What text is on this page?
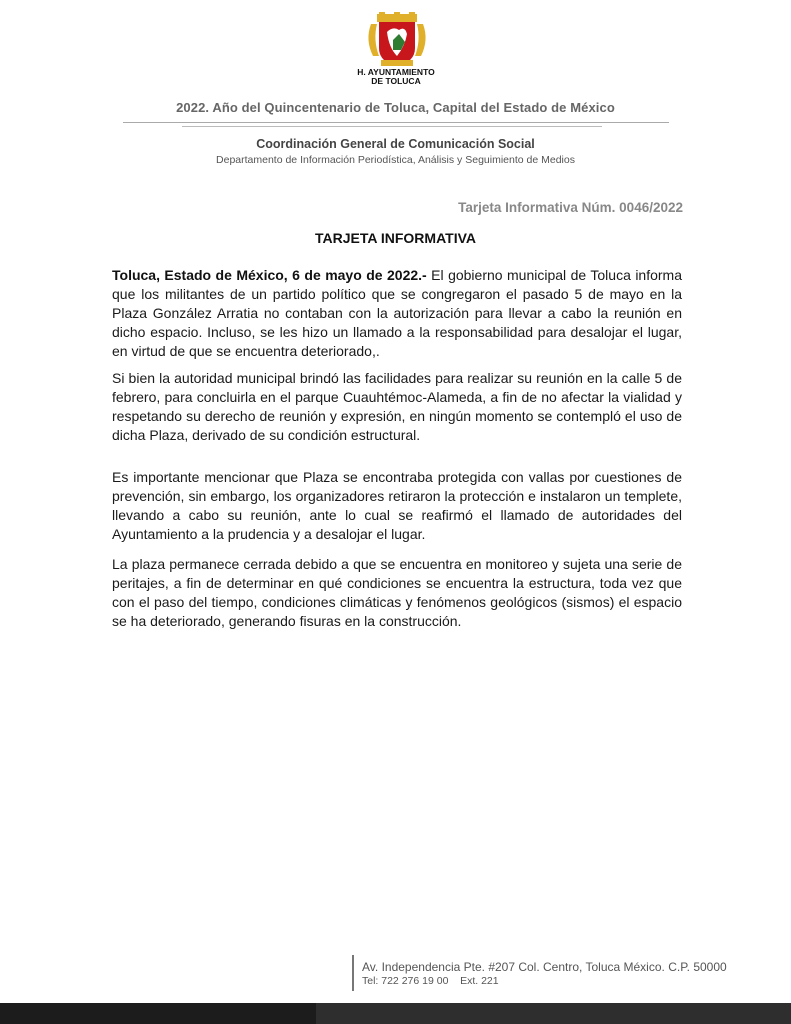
H. AYUNTAMIENTO
DE TOLUCA
2022. Año del Quincentenario de Toluca, Capital del Estado de México
Coordinación General de Comunicación Social
Departamento de Información Periodística, Análisis y Seguimiento de Medios
Tarjeta Informativa Núm. 0046/2022
TARJETA INFORMATIVA

Toluca, Estado de México, 6 de mayo de 2022.- El gobierno municipal de Toluca informa que los militantes de un partido político que se congregaron el pasado 5 de mayo en la Plaza González Arratia no contaban con la autorización para llevar a cabo la reunión en dicho espacio. Incluso, se les hizo un llamado a la responsabilidad para desalojar el lugar, en virtud de que se encuentra deteriorado,.

Si bien la autoridad municipal brindó las facilidades para realizar su reunión en la calle 5 de febrero, para concluirla en el parque Cuauhtémoc-Alameda, a fin de no afectar la vialidad y respetando su derecho de reunión y expresión, en ningún momento se contempló el uso de dicha Plaza, derivado de su condición estructural.

Es importante mencionar que Plaza se encontraba protegida con vallas por cuestiones de prevención, sin embargo, los organizadores retiraron la protección e instalaron un templete, llevando a cabo su reunión, ante lo cual se reafirmó el llamado de autoridades del Ayuntamiento a la prudencia y a desalojar el lugar.

La plaza permanece cerrada debido a que se encuentra en monitoreo y sujeta una serie de peritajes, a fin de determinar en qué condiciones se encuentra la estructura, toda vez que con el paso del tiempo, condiciones climáticas y fenómenos geológicos (sismos) el espacio se ha deteriorado, generando fisuras en la construcción.

Av. Independencia Pte. #207 Col. Centro, Toluca México. C.P. 50000
Tel: 722 276 19 00    Ext. 221
